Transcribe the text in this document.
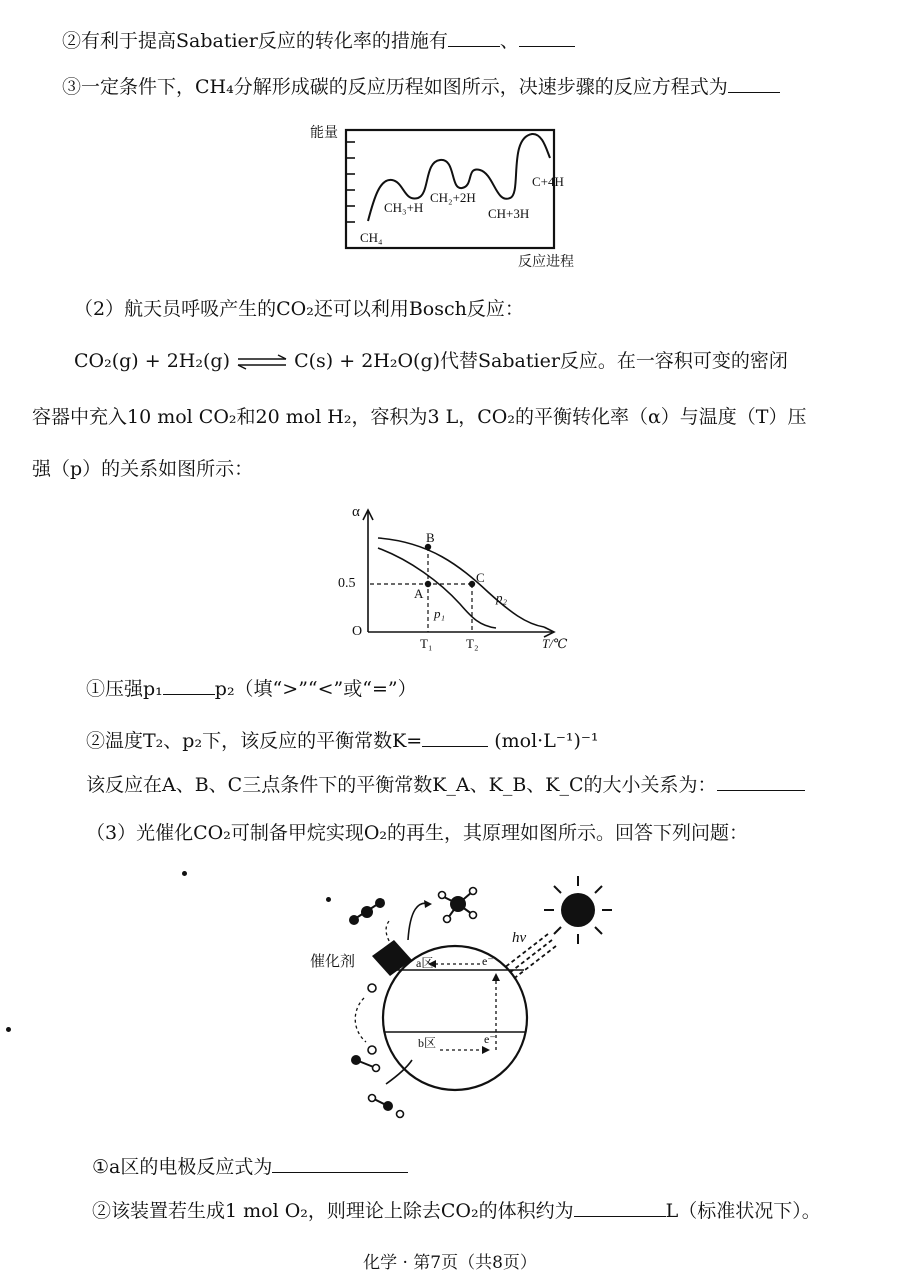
②有利于提高Sabatier反应的转化率的措施有	、
③一定条件下，CH₄分解形成碳的反应历程如图所示，决速步骤的反应方程式为
能量
反应进程
CH₄
CH₃+H
CH₂+2H
CH+3H
C+4H
（2）航天员呼吸产生的CO₂还可以利用Bosch反应：
CO₂(g) + 2H₂(g) ⇌ C(s) + 2H₂O(g)代替Sabatier反应。在一容积可变的密闭
容器中充入10 mol CO₂和20 mol H₂，容积为3 L，CO₂的平衡转化率（α）与温度（T）压
强（p）的关系如图所示：
α
O
0.5
A
B
C
p₁
p₂
T₁	T₂	T/℃
①压强p₁	p₂（填“>”“<”或“=”）
②温度T₂、p₂下，该反应的平衡常数K=	(mol·L⁻¹)⁻¹
该反应在A、B、C三点条件下的平衡常数K_A、K_B、K_C的大小关系为：
（3）光催化CO₂可制备甲烷实现O₂的再生，其原理如图所示。回答下列问题：
催化剂	a区
b区
e⁻
e⁻
hν
①a区的电极反应式为
②该装置若生成1 mol O₂，则理论上除去CO₂的体积约为	L（标准状况下）。
化学 · 第7页（共8页）
